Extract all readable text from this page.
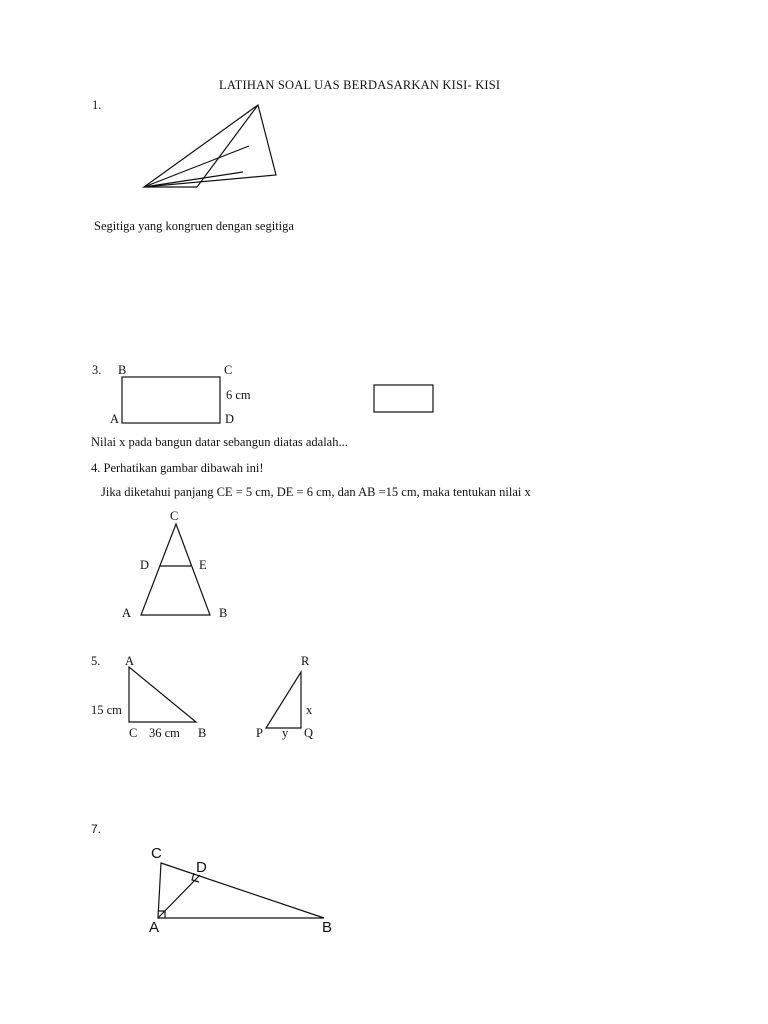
LATIHAN SOAL UAS BERDASARKAN KISI- KISI
1.
Segitiga yang kongruen dengan segitiga
3. B	C
6 cm
A	D
Nilai x pada bangun datar sebangun diatas adalah...
4. Perhatikan gambar dibawah ini!
Jika diketahui panjang CE = 5 cm, DE = 6 cm, dan AB =15 cm, maka tentukan nilai x
C
D	E
A	B
5. A	R
15 cm	x
C 36 cm B	P y Q
7.
C
D
A	B
